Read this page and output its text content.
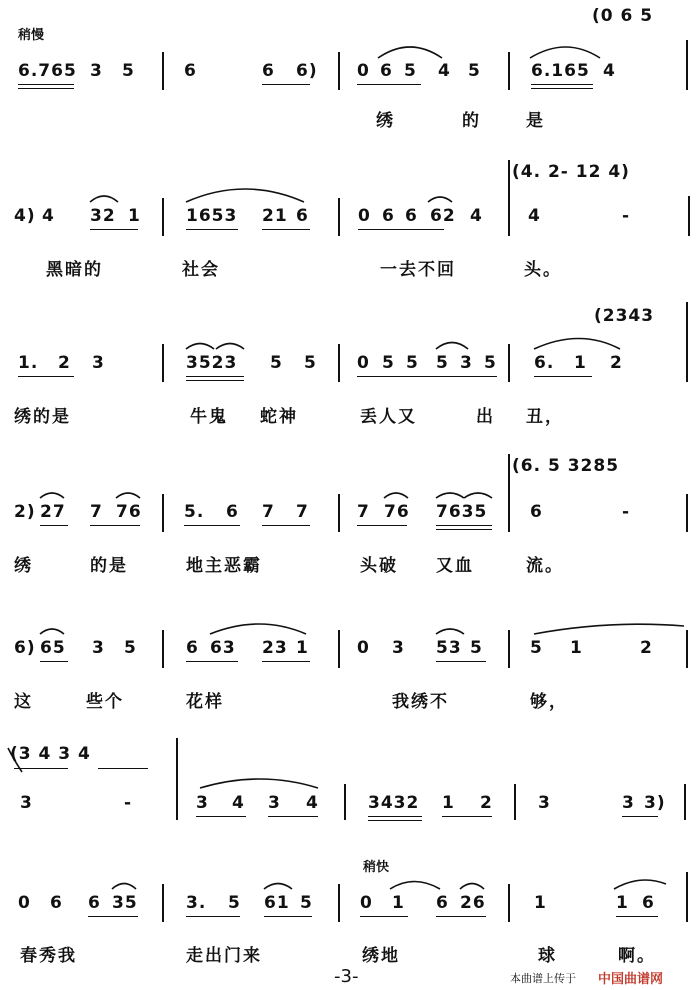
稍慢
稍快
(0 6 5
6.765 3 5	6	6 6) 0 6 5 4 5	6.165 4
绣	的	是
(4. 2- 12 4)
4) 4 32 1	1653 21 6	0 6 6 62 4	4	-
黑暗的	社会	一去不回	头。
(2343
1. 2 3	3523 5 5 0 5 5 5 3 5 6. 1 2
绣的是	牛鬼 蛇神	丢人又	出 丑，
(6. 5 3285
2) 27 7 76 5. 6 7 7	7 76 7635	6	-
绣	的是	地主恶霸	头破 又血	流。
6) 65 3 5	6 63 23 1	0 3 53 5	5 1	2
这	些个	花样	我绣不	够，
(3 4 3 4
3	-	3 4 3 4	3432 1 2	3	3 3)
0 6 6 35	3. 5 61 5	0 1 6 26	1	1 6
春秀我	走出门来	绣地	球	啊。
-3-	本曲谱上传于 中国曲谱网
